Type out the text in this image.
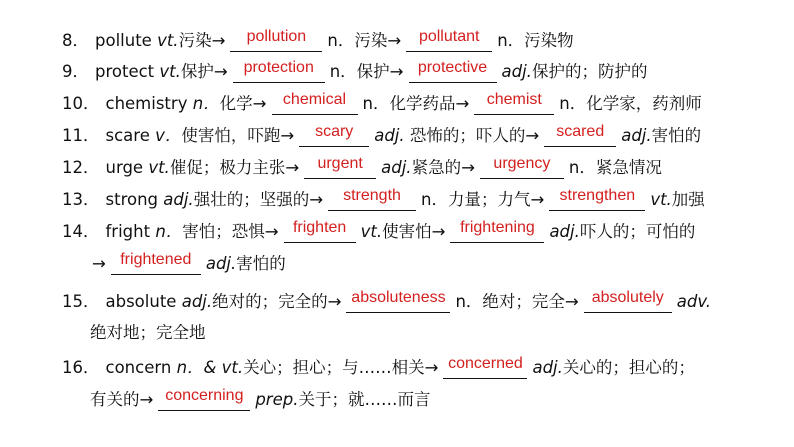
8． pollute
vt. 污染→	pollution	n．污染→	pollutant	n．污染物
9． protect
vt. 保护→ protection n．保护→ protective adj. 保护的；防护的
10． chemistry
n． 化学→	chemical n．化学药品→	chemist	n．化学家，药剂师
11． scare
v． 使害怕，吓跑→	scary	adj.
恐怖的；吓人的→	scared	adj. 害怕的
12． urge
vt. 催促；极力主张→	urgent	adj. 紧急的→	urgency	n．紧急情况
13． strong
adj. 强壮的；坚强的→	strength	n．力量；力气→ strengthen vt. 加强
14． fright
n． 害怕；恐惧→ frighten vt. 使害怕→ frightening adj. 吓人的；可怕的
→ frightened adj. 害怕的
15． absolute
adj. 绝对的；完全的→ absoluteness n．绝对；完全→ absolutely adv.
绝对地；完全地
16． concern
n．& vt. 关心；担心；与……相关→ concerned adj. 关心的；担心的；
有关的→ concerning prep. 关于；就……而言
